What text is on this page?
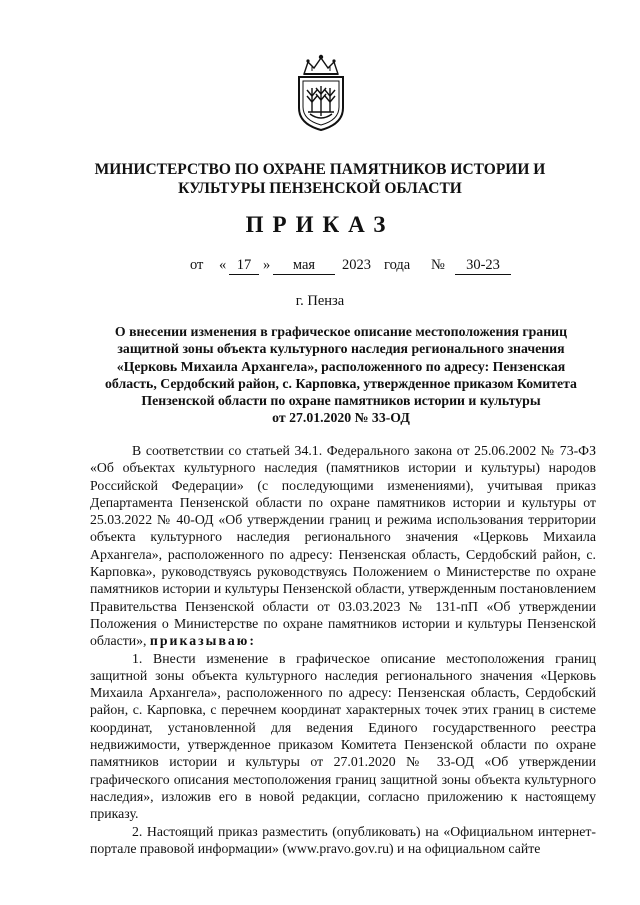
МИНИСТЕРСТВО ПО ОХРАНЕ ПАМЯТНИКОВ ИСТОРИИ И
КУЛЬТУРЫ ПЕНЗЕНСКОЙ ОБЛАСТИ

ПРИКАЗ

от « 17 »	мая	2023 года №	30-23
г. Пенза

О внесении изменения в графическое описание местоположения границ
защитной зоны объекта культурного наследия регионального значения
«Церковь Михаила Архангела», расположенного по адресу: Пензенская
область, Сердобский район, с. Карповка, утвержденное приказом Комитета
Пензенской области по охране памятников истории и культуры
от 27.01.2020 № 33-ОД

В соответствии со статьей 34.1. Федерального закона от 25.06.2002 № 73-ФЗ «Об объектах культурного наследия (памятников истории и культуры) народов Российской Федерации» (с последующими изменениями), учитывая приказ Департамента Пензенской области по охране памятников истории и культуры от 25.03.2022 № 40-ОД «Об утверждении границ и режима использования территории объекта культурного наследия регионального значения «Церковь Михаила Архангела», расположенного по адресу: Пензенская область, Сердобский район, с. Карповка», руководствуясь руководствуясь Положением о Министерстве по охране памятников истории и культуры Пензенской области, утвержденным постановлением Правительства Пензенской области от 03.03.2023 № 131-пП «Об утверждении Положения о Министерстве по охране памятников истории и культуры Пензенской области», приказываю:

1. Внести изменение в графическое описание местоположения границ защитной зоны объекта культурного наследия регионального значения «Церковь Михаила Архангела», расположенного по адресу: Пензенская область, Сердобский район, с. Карповка, с перечнем координат характерных точек этих границ в системе координат, установленной для ведения Единого государственного реестра недвижимости, утвержденное приказом Комитета Пензенской области по охране памятников истории и культуры от 27.01.2020 № 33-ОД «Об утверждении графического описания местоположения границ защитной зоны объекта культурного наследия», изложив его в новой редакции, согласно приложению к настоящему приказу.

2. Настоящий приказ разместить (опубликовать) на «Официальном интернет-портале правовой информации» (www.pravo.gov.ru) и на официальном сайте
